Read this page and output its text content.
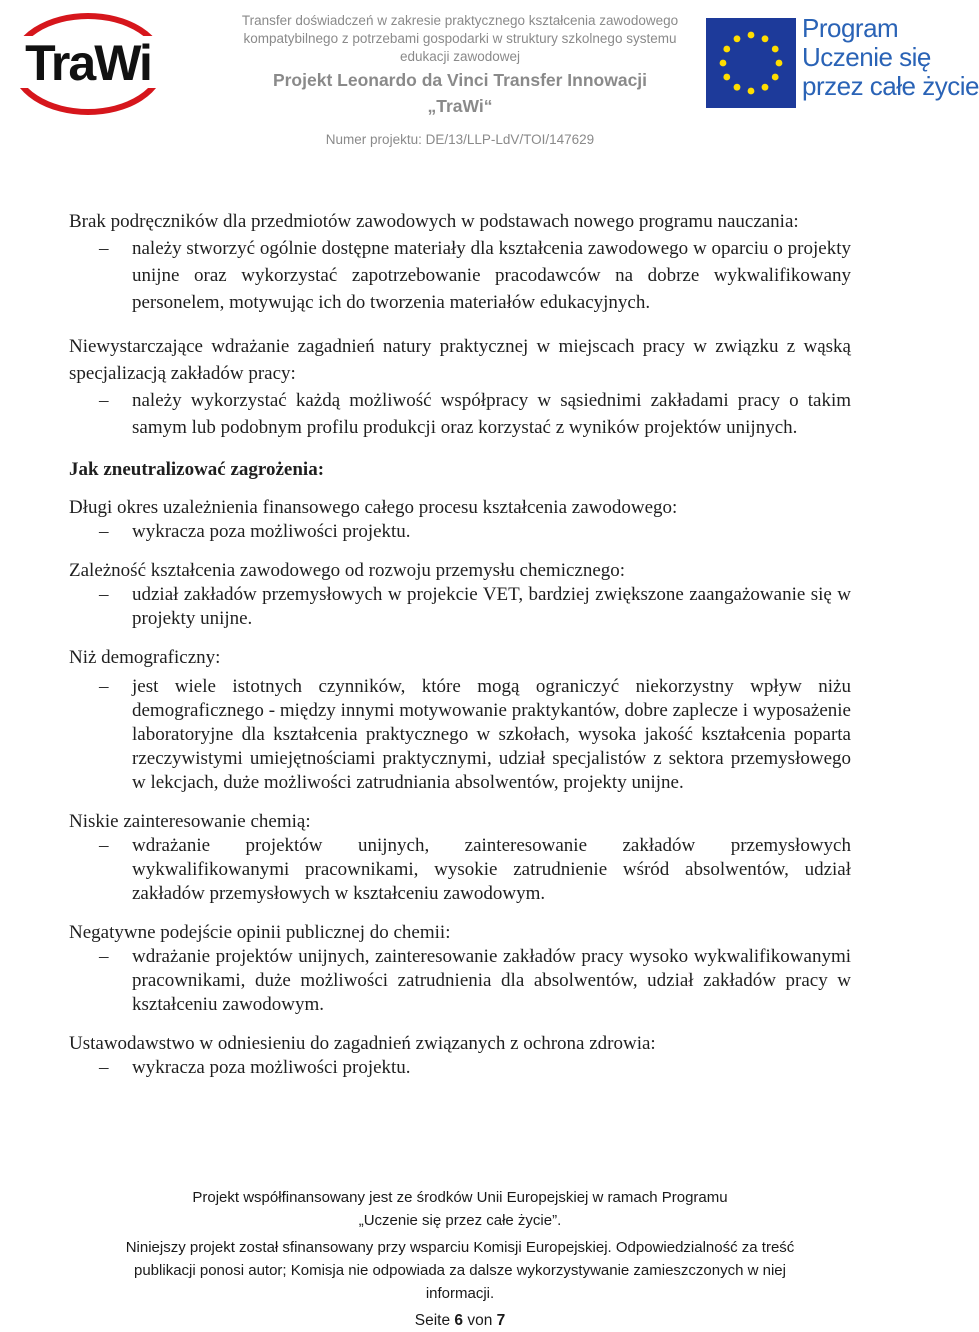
TraWi
Transfer doświadczeń w zakresie praktycznego kształcenia zawodowego
kompatybilnego z potrzebami gospodarki w struktury szkolnego systemu
edukacji zawodowej
Projekt Leonardo da Vinci Transfer Innowacji
„TraWi“
Numer projektu: DE/13/LLP-LdV/TOI/147629
Program
Uczenie się
przez całe życie

Brak podręczników dla przedmiotów zawodowych w podstawach nowego programu nauczania:

– należy stworzyć ogólnie dostępne materiały dla kształcenia zawodowego w oparciu o projekty unijne oraz wykorzystać zapotrzebowanie pracodawców na dobrze wykwalifikowany personelem, motywując ich do tworzenia materiałów edukacyjnych.

Niewystarczające wdrażanie zagadnień natury praktycznej w miejscach pracy w związku z wąską specjalizacją zakładów pracy:

– należy wykorzystać każdą możliwość współpracy w sąsiednimi zakładami pracy o takim samym lub podobnym profilu produkcji oraz korzystać z wyników projektów unijnych.

Jak zneutralizować zagrożenia:

Długi okres uzależnienia finansowego całego procesu kształcenia zawodowego:

– wykracza poza możliwości projektu.

Zależność kształcenia zawodowego od rozwoju przemysłu chemicznego:

– udział zakładów przemysłowych w projekcie VET, bardziej zwiększone zaangażowanie się w projekty unijne.

Niż demograficzny:

– jest wiele istotnych czynników, które mogą ograniczyć niekorzystny wpływ niżu demograficznego - między innymi motywowanie praktykantów, dobre zaplecze i wyposażenie laboratoryjne dla kształcenia praktycznego w szkołach, wysoka jakość kształcenia poparta rzeczywistymi umiejętnościami praktycznymi, udział specjalistów z sektora przemysłowego w lekcjach, duże możliwości zatrudniania absolwentów, projekty unijne.

Niskie zainteresowanie chemią:

– wdrażanie projektów unijnych, zainteresowanie zakładów przemysłowych wykwalifikowanymi pracownikami, wysokie zatrudnienie wśród absolwentów, udział zakładów przemysłowych w kształceniu zawodowym.

Negatywne podejście opinii publicznej do chemii:

– wdrażanie projektów unijnych, zainteresowanie zakładów pracy wysoko wykwalifikowanymi pracownikami, duże możliwości zatrudnienia dla absolwentów, udział zakładów pracy w kształceniu zawodowym.

Ustawodawstwo w odniesieniu do zagadnień związanych z ochrona zdrowia:

– wykracza poza możliwości projektu.
Projekt współfinansowany jest ze środków Unii Europejskiej w ramach Programu
„Uczenie się przez całe życie”.
Niniejszy projekt został sfinansowany przy wsparciu Komisji Europejskiej. Odpowiedzialność za treść
publikacji ponosi autor; Komisja nie odpowiada za dalsze wykorzystywanie zamieszczonych w niej
informacji.
Seite 6 von 7
